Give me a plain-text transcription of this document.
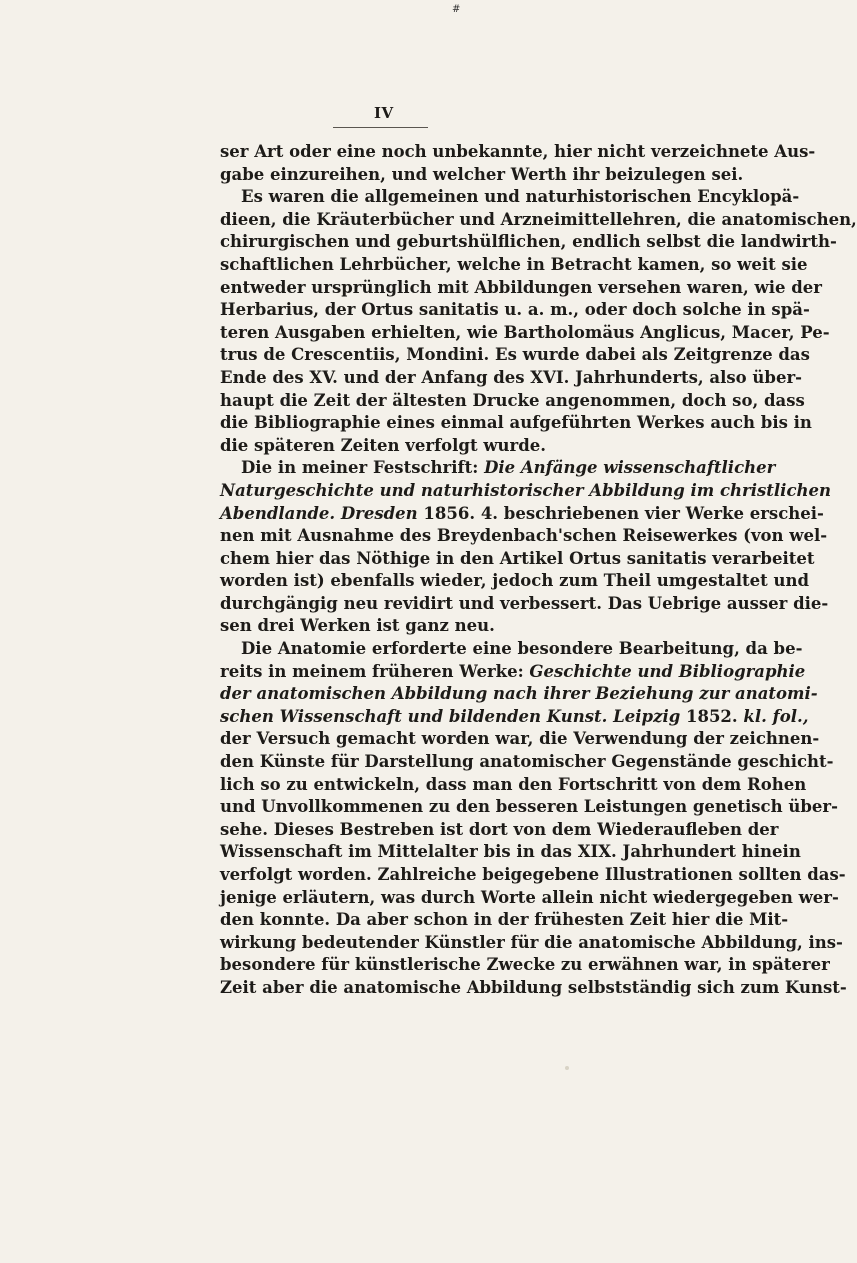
#
IV
ser Art oder eine noch unbekannte, hier nicht verzeichnete Aus-
gabe einzureihen, und welcher Werth ihr beizulegen sei.
Es waren die allgemeinen und naturhistorischen Encyklopä-
dieen, die Kräuterbücher und Arzneimittellehren, die anatomischen,
chirurgischen und geburtshülflichen, endlich selbst die landwirth-
schaftlichen Lehrbücher, welche in Betracht kamen, so weit sie
entweder ursprünglich mit Abbildungen versehen waren, wie der
Herbarius, der Ortus sanitatis u. a. m., oder doch solche in spä-
teren Ausgaben erhielten, wie Bartholomäus Anglicus, Macer, Pe-
trus de Crescentiis, Mondini. Es wurde dabei als Zeitgrenze das
Ende des XV. und der Anfang des XVI. Jahrhunderts, also über-
haupt die Zeit der ältesten Drucke angenommen, doch so, dass
die Bibliographie eines einmal aufgeführten Werkes auch bis in
die späteren Zeiten verfolgt wurde.
Die in meiner Festschrift: Die Anfänge wissenschaftlicher
Naturgeschichte und naturhistorischer Abbildung im christlichen
Abendlande. Dresden 1856. 4. beschriebenen vier Werke erschei-
nen mit Ausnahme des Breydenbach'schen Reisewerkes (von wel-
chem hier das Nöthige in den Artikel Ortus sanitatis verarbeitet
worden ist) ebenfalls wieder, jedoch zum Theil umgestaltet und
durchgängig neu revidirt und verbessert. Das Uebrige ausser die-
sen drei Werken ist ganz neu.
Die Anatomie erforderte eine besondere Bearbeitung, da be-
reits in meinem früheren Werke: Geschichte und Bibliographie
der anatomischen Abbildung nach ihrer Beziehung zur anatomi-
schen Wissenschaft und bildenden Kunst. Leipzig 1852. kl. fol.,
der Versuch gemacht worden war, die Verwendung der zeichnen-
den Künste für Darstellung anatomischer Gegenstände geschicht-
lich so zu entwickeln, dass man den Fortschritt von dem Rohen
und Unvollkommenen zu den besseren Leistungen genetisch über-
sehe. Dieses Bestreben ist dort von dem Wiederaufleben der
Wissenschaft im Mittelalter bis in das XIX. Jahrhundert hinein
verfolgt worden. Zahlreiche beigegebene Illustrationen sollten das-
jenige erläutern, was durch Worte allein nicht wiedergegeben wer-
den konnte. Da aber schon in der frühesten Zeit hier die Mit-
wirkung bedeutender Künstler für die anatomische Abbildung, ins-
besondere für künstlerische Zwecke zu erwähnen war, in späterer
Zeit aber die anatomische Abbildung selbstständig sich zum Kunst-
